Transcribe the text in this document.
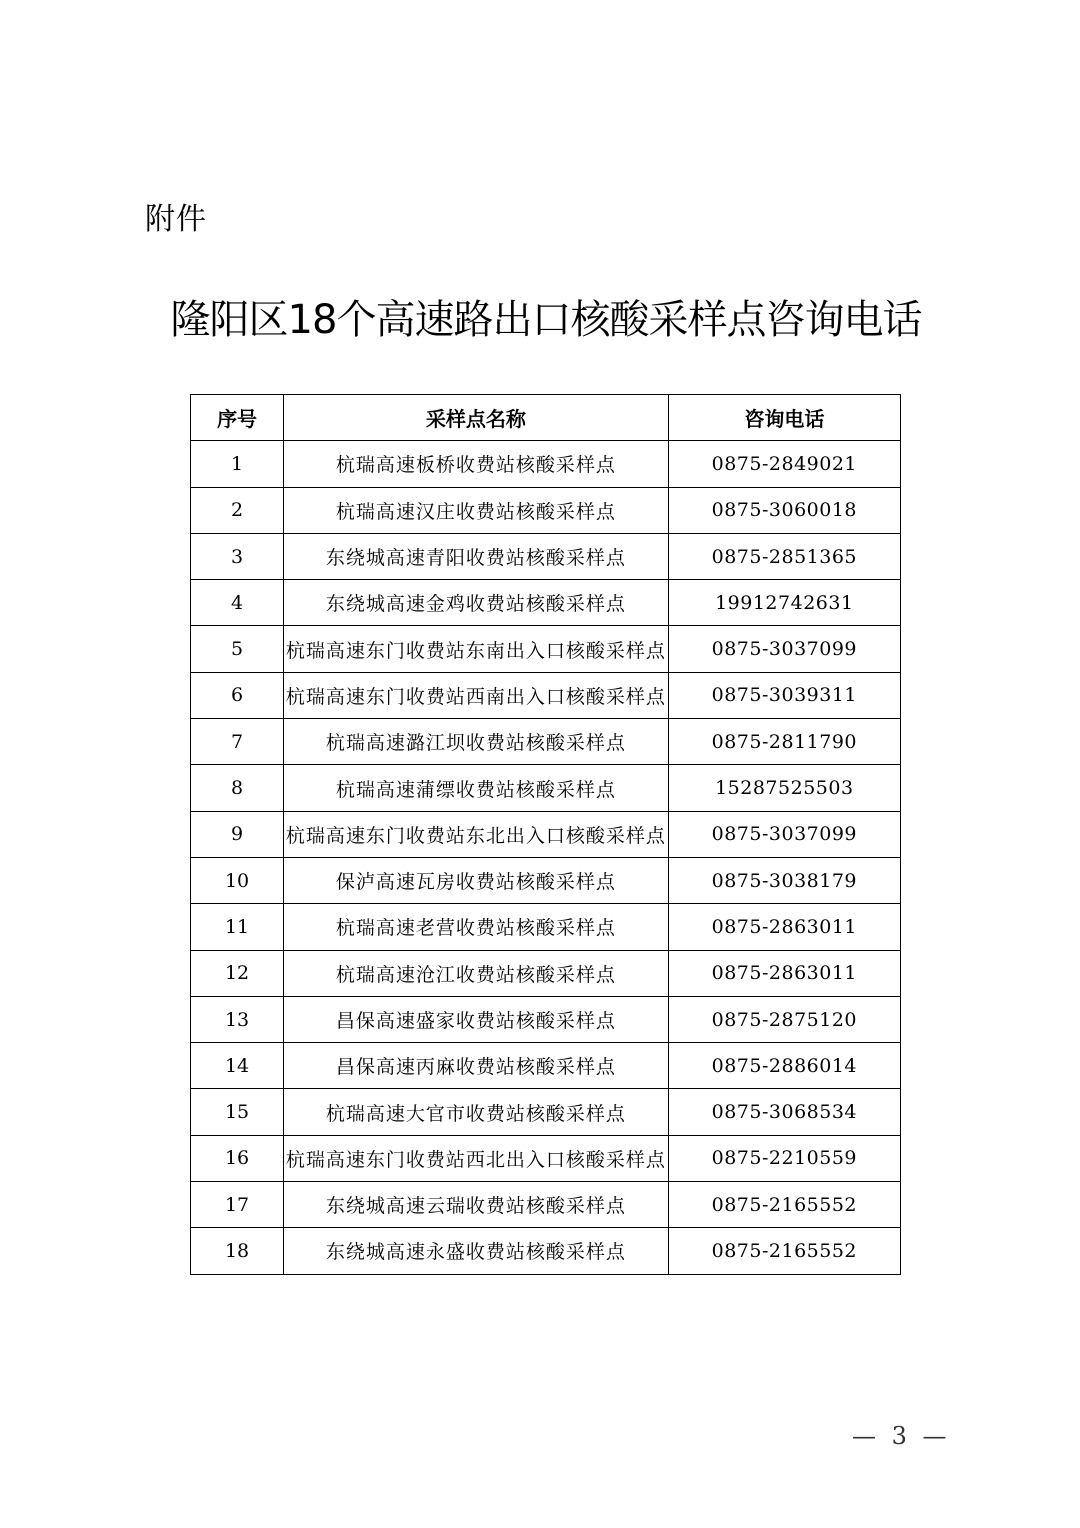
附件
隆阳区18个高速路出口核酸采样点咨询电话
序号	采样点名称	咨询电话
1	杭瑞高速板桥收费站核酸采样点	0875-2849021
2	杭瑞高速汉庄收费站核酸采样点	0875-3060018
3	东绕城高速青阳收费站核酸采样点	0875-2851365
4	东绕城高速金鸡收费站核酸采样点	19912742631
5	杭瑞高速东门收费站东南出入口核酸采样点	0875-3037099
6	杭瑞高速东门收费站西南出入口核酸采样点	0875-3039311
7	杭瑞高速潞江坝收费站核酸采样点	0875-2811790
8	杭瑞高速蒲缥收费站核酸采样点	15287525503
9	杭瑞高速东门收费站东北出入口核酸采样点	0875-3037099
10	保泸高速瓦房收费站核酸采样点	0875-3038179
11	杭瑞高速老营收费站核酸采样点	0875-2863011
12	杭瑞高速沧江收费站核酸采样点	0875-2863011
13	昌保高速盛家收费站核酸采样点	0875-2875120
14	昌保高速丙麻收费站核酸采样点	0875-2886014
15	杭瑞高速大官市收费站核酸采样点	0875-3068534
16	杭瑞高速东门收费站西北出入口核酸采样点	0875-2210559
17	东绕城高速云瑞收费站核酸采样点	0875-2165552
18	东绕城高速永盛收费站核酸采样点	0875-2165552
— 3 —
